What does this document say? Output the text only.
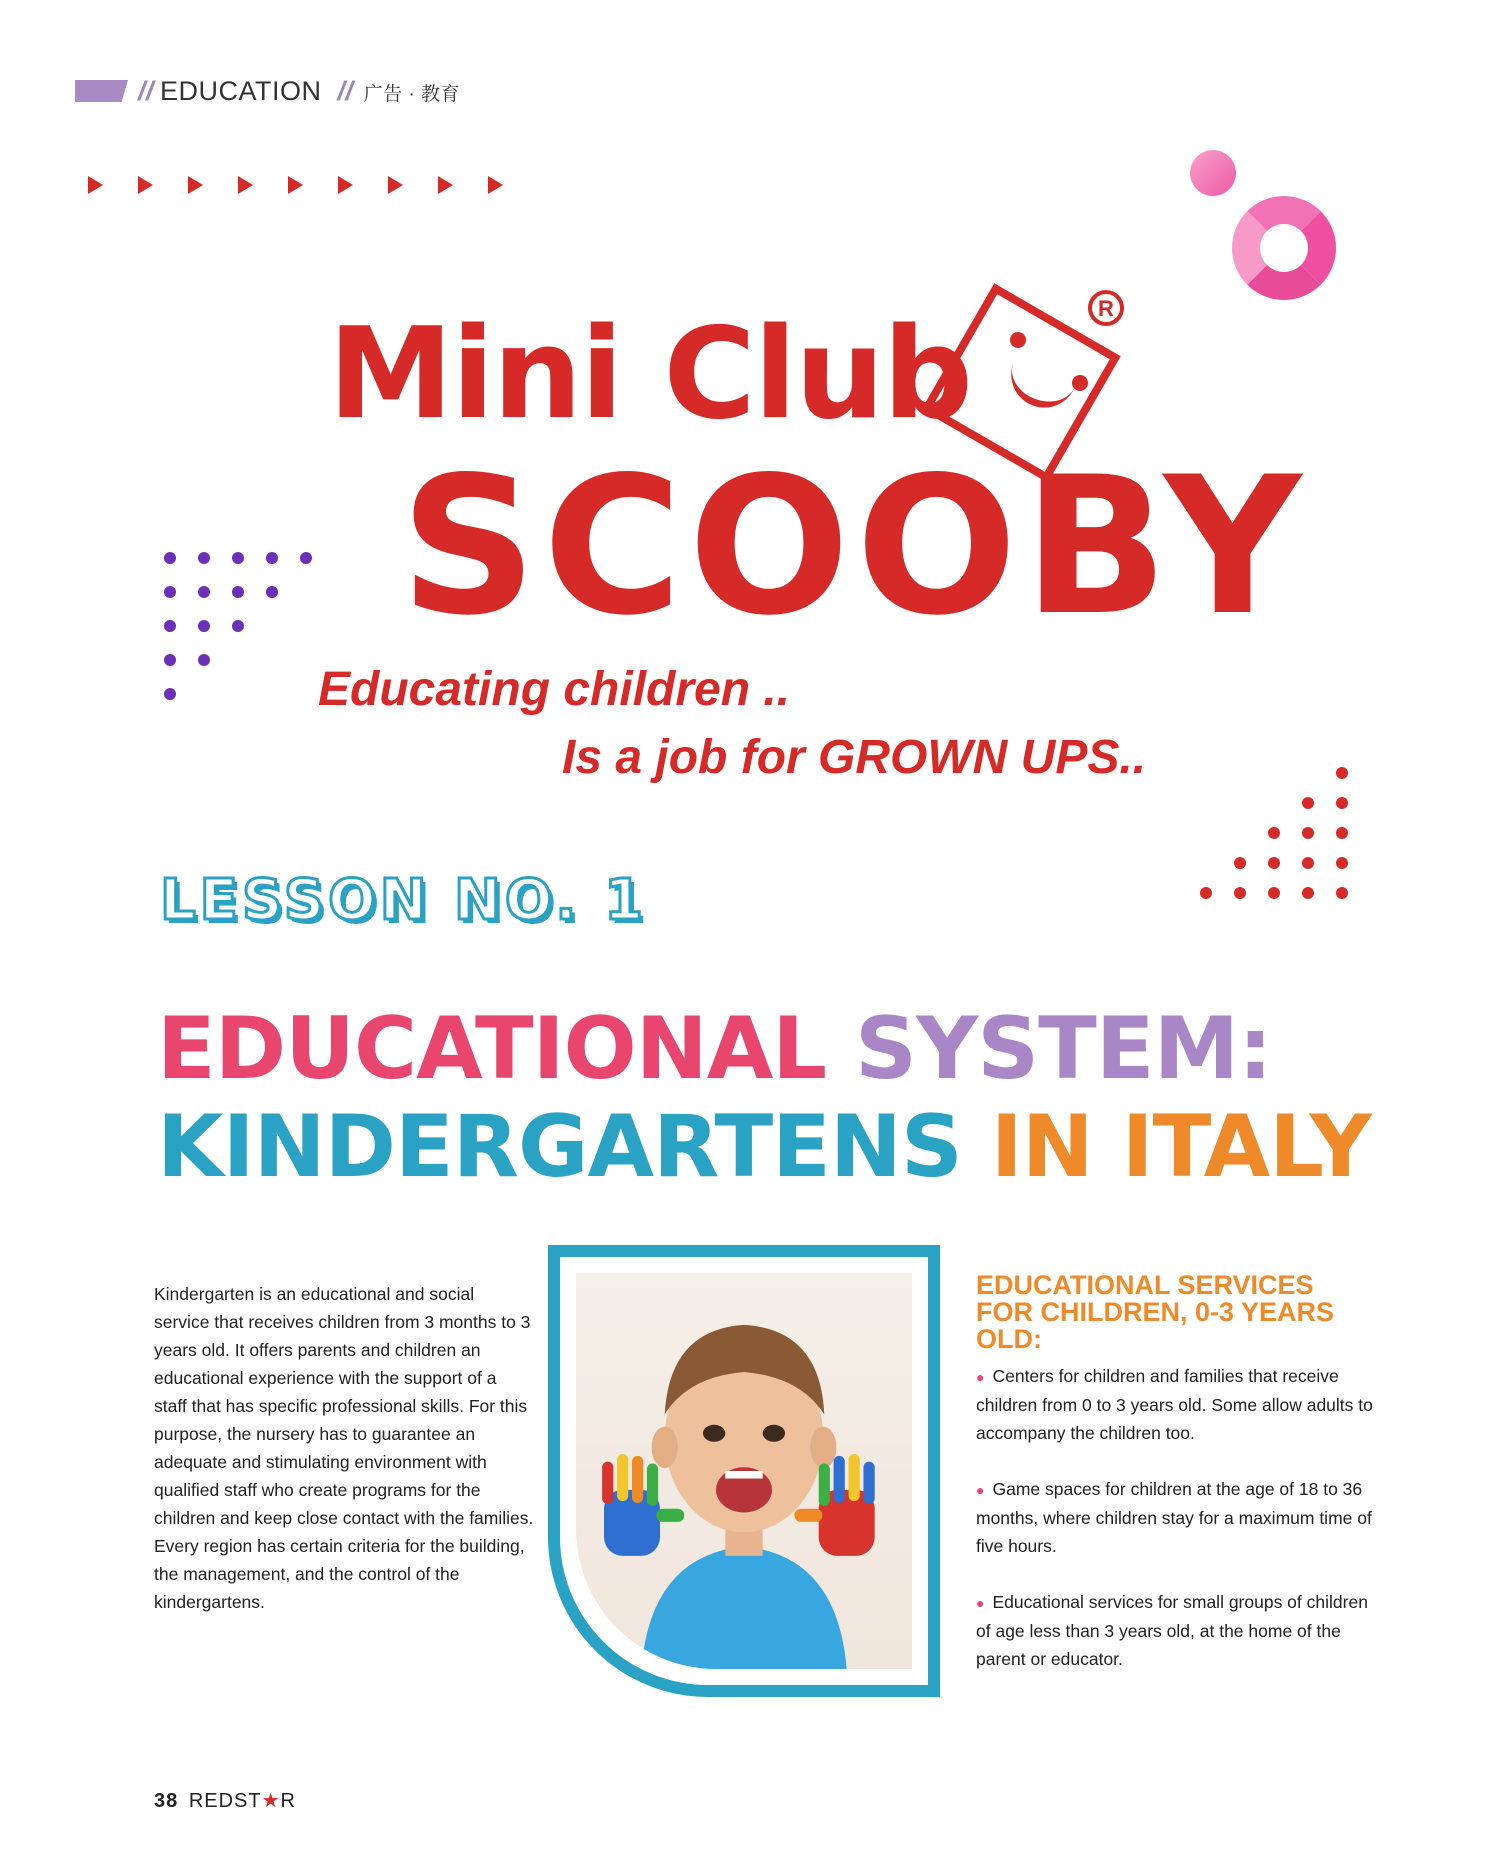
// EDUCATION // 广告 · 教育
Mini Club	R
SCOOBY
Educating children ..
Is a job for GROWN UPS..
LESSON NO. 1
EDUCATIONAL SYSTEM:
KINDERGARTENS IN ITALY
Kindergarten is an educational and social service that receives children from 3 months to 3 years old. It offers parents and children an educational experience with the support of a staff that has specific professional skills. For this purpose, the nursery has to guarantee an adequate and stimulating environment with qualified staff who create programs for the children and keep close contact with the families. Every region has certain criteria for the building, the management, and the control of the kindergartens.
EDUCATIONAL SERVICES FOR CHILDREN, 0-3 YEARS OLD:

● Centers for children and families that receive children from 0 to 3 years old. Some allow adults to accompany the children too.

● Game spaces for children at the age of 18 to 36 months, where children stay for a maximum time of five hours.

● Educational services for small groups of children of age less than 3 years old, at the home of the parent or educator.

38 REDST★R
